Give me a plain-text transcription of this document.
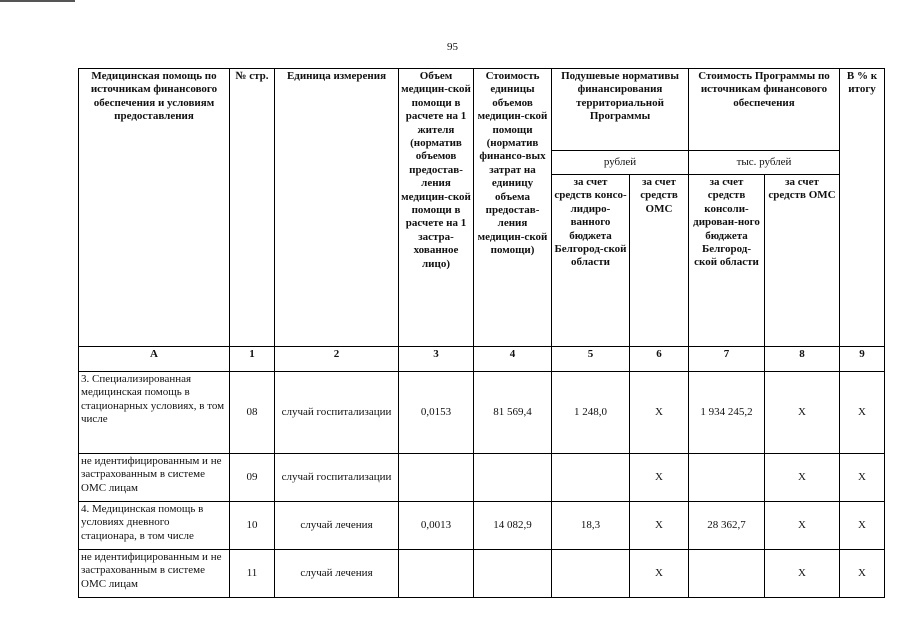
95
Медицинская помощь по источникам финансового обеспечения и условиям предоставления	№ стр.	Единица измерения	Объем медицин-ской помощи в расчете на 1 жителя (норматив объемов предостав-ления медицин-ской помощи в расчете на 1 застра-хованное лицо)	Стоимость единицы объемов медицин-ской помощи (норматив финансо-вых затрат на единицу объема предостав-ления медицин-ской помощи)	Подушевые нормативы финансирования территориальной Программы		Стоимость Программы по источникам финансового обеспечения		В % к итогу
					рублей		тыс. рублей		
					за счет средств консо-лидиро-ванного бюджета Белгород-ской области	за счет средств ОМС	за счет средств консоли-дирован-ного бюджета Белгород-ской области	за счет средств ОМС	
А	1	2	3	4	5	6	7	8	9
3. Специализированная медицинская помощь в стационарных условиях, в том числе	08	случай госпитализации	0,0153	81 569,4	1 248,0	Х	1 934 245,2	Х	Х
не идентифицированным и не застрахованным в системе ОМС лицам	09	случай госпитализации				Х		Х	Х
4. Медицинская помощь в условиях дневного стационара, в том числе	10	случай лечения	0,0013	14 082,9	18,3	Х	28 362,7	Х	Х
не идентифицированным и не застрахованным в системе ОМС лицам	11	случай лечения				Х		Х	Х
